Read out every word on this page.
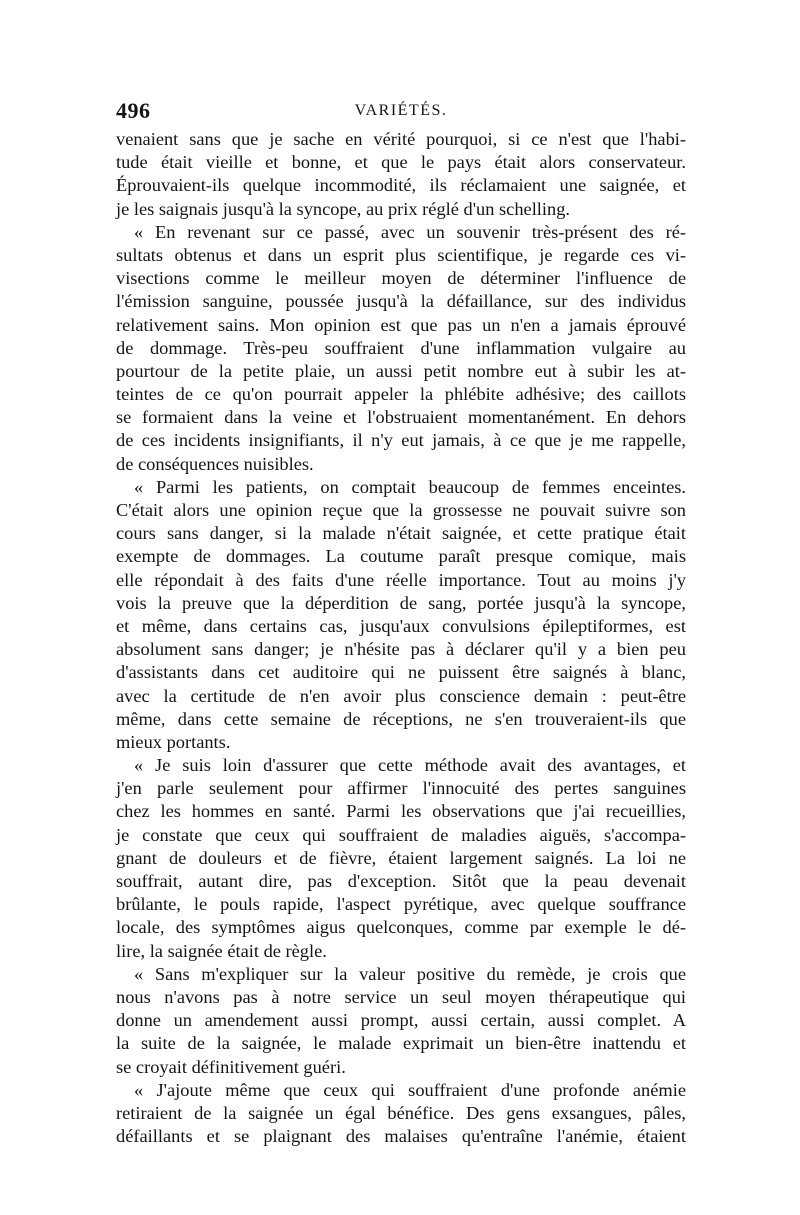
496	VARIÉTÉS.
venaient sans que je sache en vérité pourquoi, si ce n'est que l'habi-
tude était vieille et bonne, et que le pays était alors conservateur.
Éprouvaient-ils quelque incommodité, ils réclamaient une saignée, et
je les saignais jusqu'à la syncope, au prix réglé d'un schelling.
« En revenant sur ce passé, avec un souvenir très-présent des ré-
sultats obtenus et dans un esprit plus scientifique, je regarde ces vi-
visections comme le meilleur moyen de déterminer l'influence de
l'émission sanguine, poussée jusqu'à la défaillance, sur des individus
relativement sains. Mon opinion est que pas un n'en a jamais éprouvé
de dommage. Très-peu souffraient d'une inflammation vulgaire au
pourtour de la petite plaie, un aussi petit nombre eut à subir les at-
teintes de ce qu'on pourrait appeler la phlébite adhésive; des caillots
se formaient dans la veine et l'obstruaient momentanément. En dehors
de ces incidents insignifiants, il n'y eut jamais, à ce que je me rappelle,
de conséquences nuisibles.
« Parmi les patients, on comptait beaucoup de femmes enceintes.
C'était alors une opinion reçue que la grossesse ne pouvait suivre son
cours sans danger, si la malade n'était saignée, et cette pratique était
exempte de dommages. La coutume paraît presque comique, mais
elle répondait à des faits d'une réelle importance. Tout au moins j'y
vois la preuve que la déperdition de sang, portée jusqu'à la syncope,
et même, dans certains cas, jusqu'aux convulsions épileptiformes, est
absolument sans danger; je n'hésite pas à déclarer qu'il y a bien peu
d'assistants dans cet auditoire qui ne puissent être saignés à blanc,
avec la certitude de n'en avoir plus conscience demain : peut-être
même, dans cette semaine de réceptions, ne s'en trouveraient-ils que
mieux portants.
« Je suis loin d'assurer que cette méthode avait des avantages, et
j'en parle seulement pour affirmer l'innocuité des pertes sanguines
chez les hommes en santé. Parmi les observations que j'ai recueillies,
je constate que ceux qui souffraient de maladies aiguës, s'accompa-
gnant de douleurs et de fièvre, étaient largement saignés. La loi ne
souffrait, autant dire, pas d'exception. Sitôt que la peau devenait
brûlante, le pouls rapide, l'aspect pyrétique, avec quelque souffrance
locale, des symptômes aigus quelconques, comme par exemple le dé-
lire, la saignée était de règle.
« Sans m'expliquer sur la valeur positive du remède, je crois que
nous n'avons pas à notre service un seul moyen thérapeutique qui
donne un amendement aussi prompt, aussi certain, aussi complet. A
la suite de la saignée, le malade exprimait un bien-être inattendu et
se croyait définitivement guéri.
« J'ajoute même que ceux qui souffraient d'une profonde anémie
retiraient de la saignée un égal bénéfice. Des gens exsangues, pâles,
défaillants et se plaignant des malaises qu'entraîne l'anémie, étaient
